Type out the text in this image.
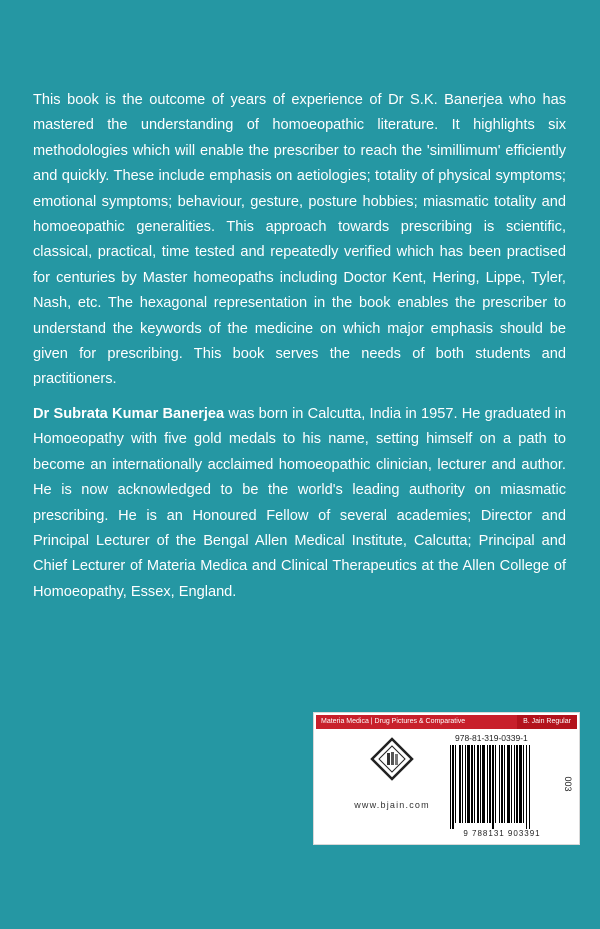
This book is the outcome of years of experience of Dr S.K. Banerjea who has mastered the understanding of homoeopathic literature. It highlights six methodologies which will enable the prescriber to reach the 'simillimum' efficiently and quickly. These include emphasis on aetiologies; totality of physical symptoms; emotional symptoms; behaviour, gesture, posture hobbies; miasmatic totality and homoeopathic generalities. This approach towards prescribing is scientific, classical, practical, time tested and repeatedly verified which has been practised for centuries by Master homeopaths including Doctor Kent, Hering, Lippe, Tyler, Nash, etc. The hexagonal representation in the book enables the prescriber to understand the keywords of the medicine on which major emphasis should be given for prescribing. This book serves the needs of both students and practitioners.

Dr Subrata Kumar Banerjea was born in Calcutta, India in 1957. He graduated in Homoeopathy with five gold medals to his name, setting himself on a path to become an internationally acclaimed homoeopathic clinician, lecturer and author. He is now acknowledged to be the world's leading authority on miasmatic prescribing. He is an Honoured Fellow of several academies; Director and Principal Lecturer of the Bengal Allen Medical Institute, Calcutta; Principal and Chief Lecturer of Materia Medica and Clinical Therapeutics at the Allen College of Homoeopathy, Essex, England.

Materia Medica | Drug Pictures & Comparative	B. Jain Regular
www.bjain.com
978-81-319-0339-1
9 788131 903391
003
